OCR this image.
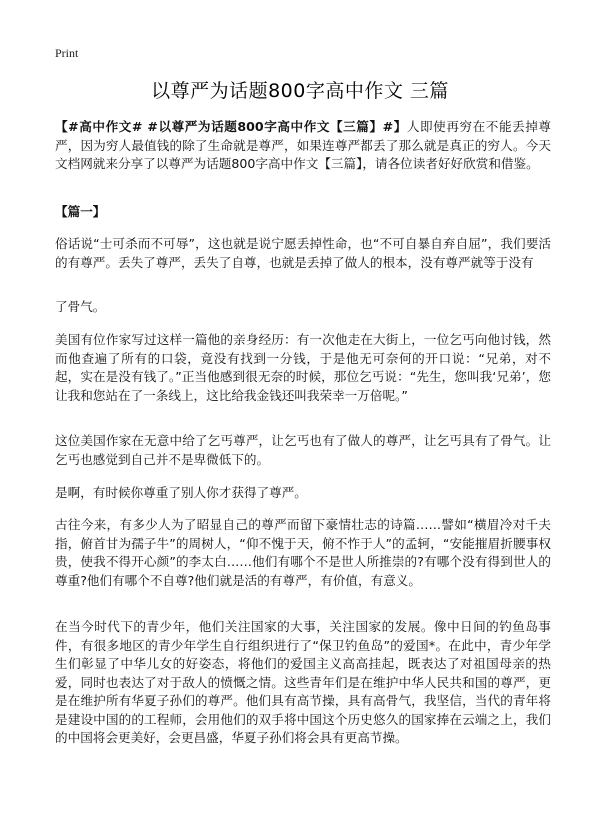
Print
以尊严为话题800字高中作文 三篇
【#高中作文# #以尊严为话题800字高中作文【三篇】#】人即使再穷在不能丢掉尊严，因为穷人最值钱的除了生命就是尊严，如果连尊严都丢了那么就是真正的穷人。今天文档网就来分享了以尊严为话题800字高中作文【三篇】，请各位读者好好欣赏和借鉴。
【篇一】
俗话说“士可杀而不可辱”，这也就是说宁愿丢掉性命，也“不可自暴自弃自屈”，我们要活的有尊严。丢失了尊严，丢失了自尊，也就是丢掉了做人的根本，没有尊严就等于没有
了骨气。
美国有位作家写过这样一篇他的亲身经历：有一次他走在大街上，一位乞丐向他讨钱，然而他查遍了所有的口袋，竟没有找到一分钱，于是他无可奈何的开口说：“兄弟，对不起，实在是没有钱了。”正当他感到很无奈的时候，那位乞丐说：“先生，您叫我‘兄弟’，您让我和您站在了一条线上，这比给我金钱还叫我荣幸一万倍呢。”
这位美国作家在无意中给了乞丐尊严，让乞丐也有了做人的尊严，让乞丐具有了骨气。让乞丐也感觉到自己并不是卑微低下的。
是啊，有时候你尊重了别人你才获得了尊严。
古往今来，有多少人为了昭显自己的尊严而留下豪情壮志的诗篇……譬如“横眉冷对千夫指，俯首甘为孺子牛”的周树人，“仰不愧于天，俯不怍于人”的孟轲，“安能摧眉折腰事权贵，使我不得开心颜”的李太白……他们有哪个不是世人所推崇的?有哪个没有得到世人的尊重?他们有哪个不自尊?他们就是活的有尊严，有价值，有意义。
在当今时代下的青少年，他们关注国家的大事，关注国家的发展。像中日间的钓鱼岛事件，有很多地区的青少年学生自行组织进行了“保卫钓鱼岛”的爱国*。在此中，青少年学生们彰显了中华儿女的好姿态，将他们的爱国主义高高挂起，既表达了对祖国母亲的热爱，同时也表达了对于敌人的愤慨之情。这些青年们是在维护中华人民共和国的尊严，更是在维护所有华夏子孙们的尊严。他们具有高节操，具有高骨气，我坚信，当代的青年将是建设中国的的工程师，会用他们的双手将中国这个历史悠久的国家捧在云端之上，我们的中国将会更美好，会更昌盛，华夏子孙们将会具有更高节操。
